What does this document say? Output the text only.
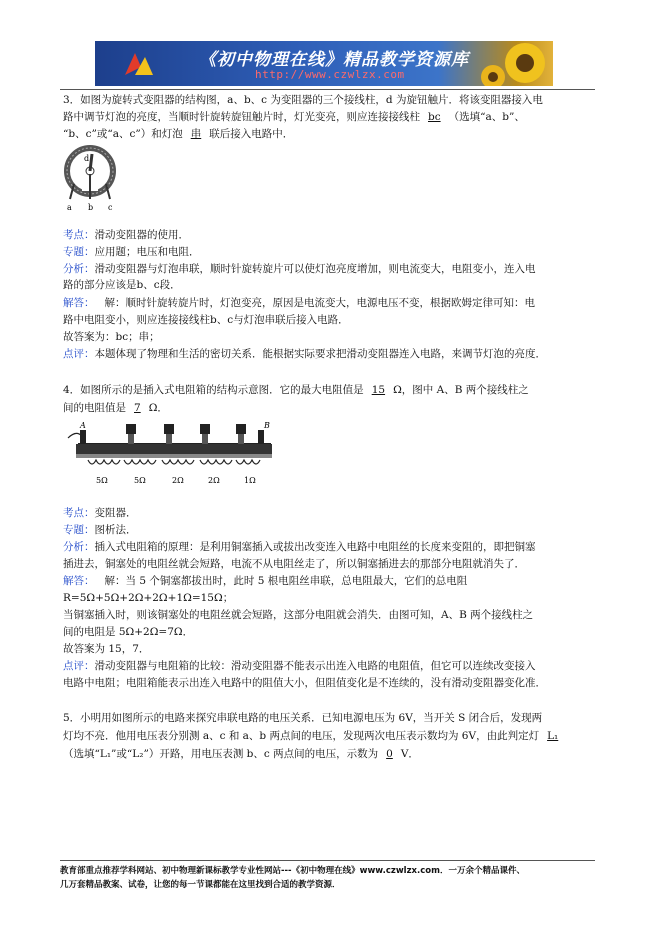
《初中物理在线》精品教学资源库
http://www.czwlzx.com
3．如图为旋转式变阻器的结构图，a、b、c 为变阻器的三个接线柱，d 为旋钮触片．将该变阻器接入电
路中调节灯泡的亮度，当顺时针旋转旋钮触片时，灯光变亮，则应连接接线柱 bc （选填“a、b”、
“b、c”或“a、c”）和灯泡 串 联后接入电路中．
d
a b c
考点：滑动变阻器的使用．
专题：应用题；电压和电阻．
分析：滑动变阻器与灯泡串联，顺时针旋转旋片可以使灯泡亮度增加，则电流变大，电阻变小，连入电
路的部分应该是b、c段．
解答： 解：顺时针旋转旋片时，灯泡变亮，原因是电流变大，电源电压不变，根据欧姆定律可知：电
路中电阻变小，则应连接接线柱b、c与灯泡串联后接入电路．
故答案为：bc；串；
点评：本题体现了物理和生活的密切关系．能根据实际要求把滑动变阻器连入电路，来调节灯泡的亮度．
4．如图所示的是插入式电阻箱的结构示意图．它的最大电阻值是 15 Ω，图中 A、B 两个接线柱之
间的电阻值是 7 Ω．
A	B
5Ω	5Ω	2Ω	2Ω	1Ω
考点：变阻器．
专题：图析法．
分析：插入式电阻箱的原理：是利用铜塞插入或拔出改变连入电路中电阻丝的长度来变阻的，即把铜塞
插进去，铜塞处的电阻丝就会短路，电流不从电阻丝走了，所以铜塞插进去的那部分电阻就消失了．
解答： 解：当 5 个铜塞都拔出时，此时 5 根电阻丝串联，总电阻最大，它们的总电阻
R=5Ω+5Ω+2Ω+2Ω+1Ω=15Ω；
当铜塞插入时，则该铜塞处的电阻丝就会短路，这部分电阻就会消失．由图可知，A、B 两个接线柱之
间的电阻是 5Ω+2Ω=7Ω．
故答案为 15，7．
点评：滑动变阻器与电阻箱的比较：滑动变阻器不能表示出连入电路的电阻值，但它可以连续改变接入
电路中电阻；电阻箱能表示出连入电路中的阻值大小，但阻值变化是不连续的，没有滑动变阻器变化准．
5．小明用如图所示的电路来探究串联电路的电压关系．已知电源电压为 6V，当开关 S 闭合后，发现两
灯均不亮．他用电压表分别测 a、c 和 a、b 两点间的电压，发现两次电压表示数均为 6V，由此判定灯 L₁
（选填“L₁”或“L₂”）开路，用电压表测 b、c 两点间的电压，示数为 0 V．
教育部重点推荐学科网站、初中物理新课标教学专业性网站---《初中物理在线》www.czwlzx.com．一万余个精品课件、
几万套精品教案、试卷，让您的每一节课都能在这里找到合适的教学资源．
